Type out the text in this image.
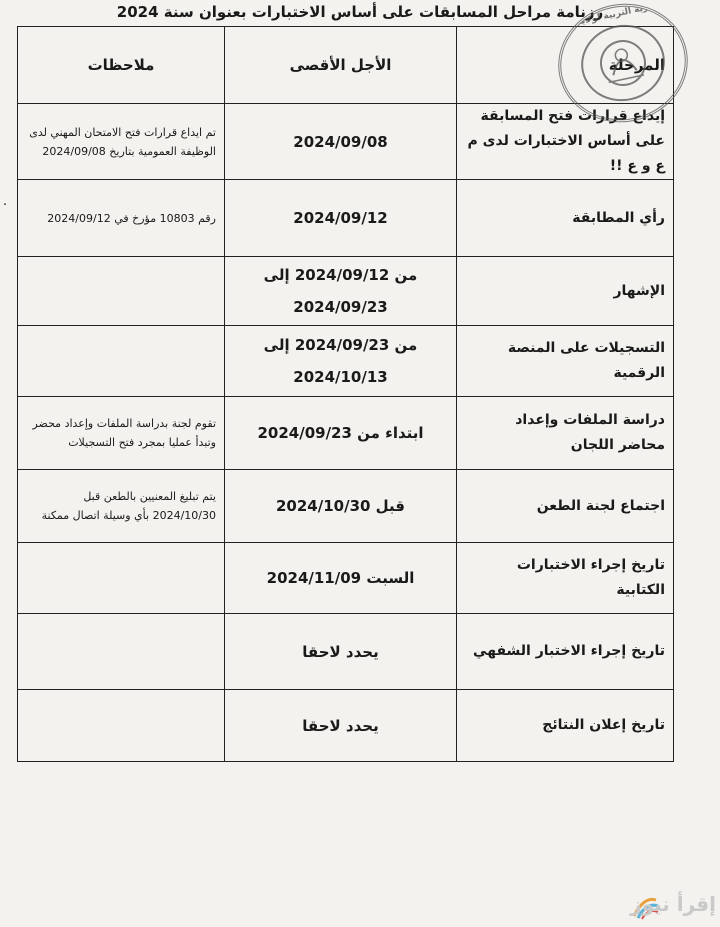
رزنامة مراحل المسابقات على أساس الاختبارات بعنوان سنة 2024
المرحلة	الأجل الأقصى	ملاحظات
إيداع قرارات فتح المسابقة على أساس الاختبارات لدى م ع و ع !!	2024/09/08	تم ايداع قرارات فتح الامتحان المهني لدى الوظيفة العمومية بتاريخ 2024/09/08
رأي المطابقة	2024/09/12	رقم 10803 مؤرخ في 2024/09/12
الإشهار	من 2024/09/12 إلى
2024/09/23	
التسجيلات على المنصة الرقمية	من 2024/09/23 إلى
2024/10/13	
دراسة الملفات وإعداد محاضر اللجان	ابتداء من 2024/09/23	تقوم لجنة بدراسة الملفات وإعداد محضر وتبدأ عمليا بمجرد فتح التسجيلات
اجتماع لجنة الطعن	قبل 2024/10/30	يتم تبليغ المعنيين بالطعن قبل 2024/10/30 بأي وسيلة اتصال ممكنة
تاريخ إجراء الاختبارات الكتابية	السبت 2024/11/09	
تاريخ إجراء الاختبار الشفهي	يحدد لاحقا	
تاريخ إعلان النتائج	يحدد لاحقا	
مديرية التربية لولاية ...
·
إقرأ نيوز
